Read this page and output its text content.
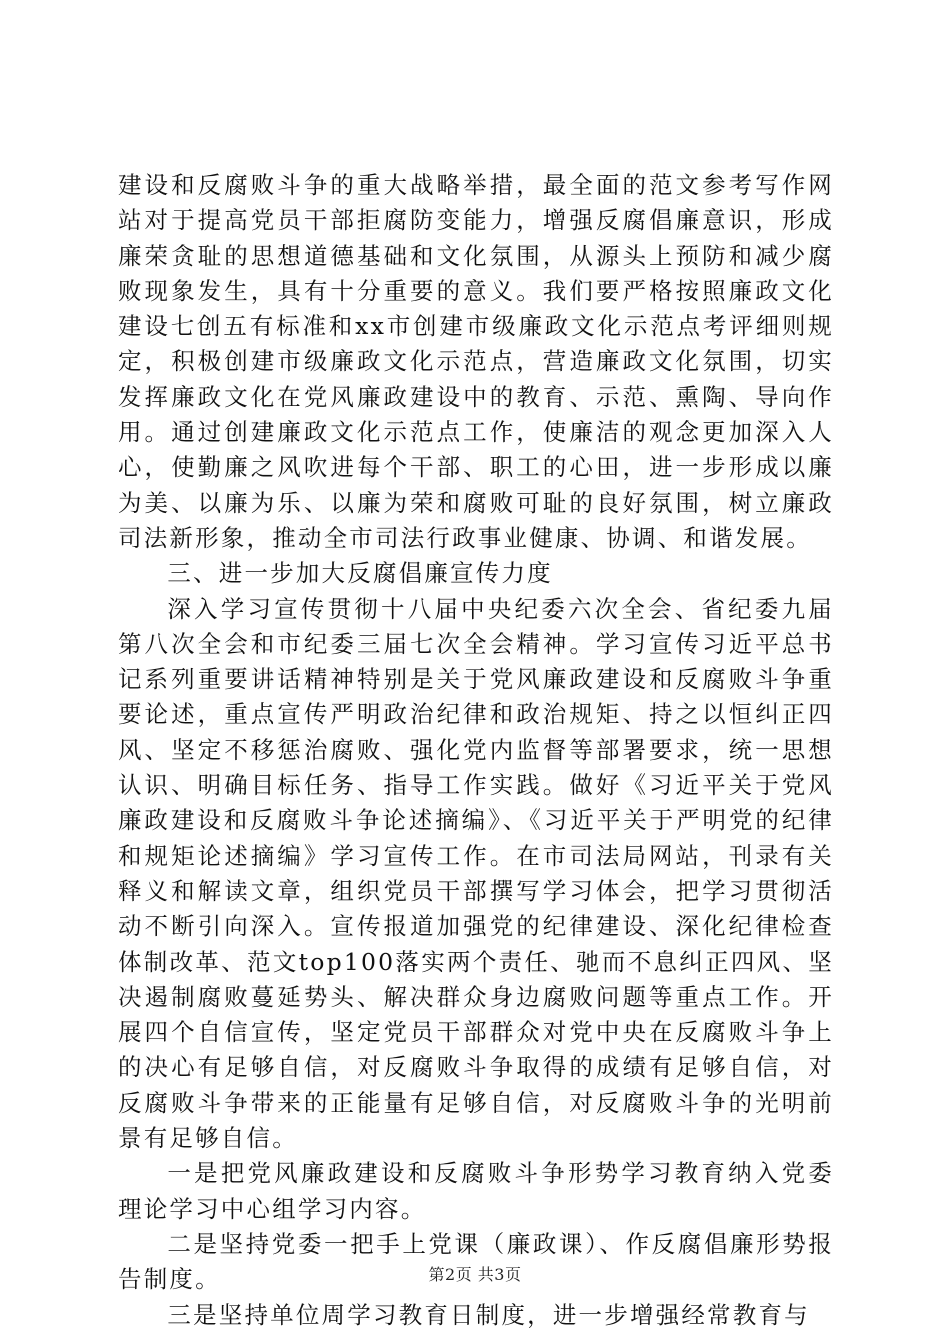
建设和反腐败斗争的重大战略举措，最全面的范文参考写作网站对于提高党员干部拒腐防变能力，增强反腐倡廉意识，形成廉荣贪耻的思想道德基础和文化氛围，从源头上预防和减少腐败现象发生，具有十分重要的意义。我们要严格按照廉政文化建设七创五有标准和xx市创建市级廉政文化示范点考评细则规定，积极创建市级廉政文化示范点，营造廉政文化氛围，切实发挥廉政文化在党风廉政建设中的教育、示范、熏陶、导向作用。通过创建廉政文化示范点工作，使廉洁的观念更加深入人心，使勤廉之风吹进每个干部、职工的心田，进一步形成以廉为美、以廉为乐、以廉为荣和腐败可耻的良好氛围，树立廉政司法新形象，推动全市司法行政事业健康、协调、和谐发展。

三、进一步加大反腐倡廉宣传力度

深入学习宣传贯彻十八届中央纪委六次全会、省纪委九届第八次全会和市纪委三届七次全会精神。学习宣传习近平总书记系列重要讲话精神特别是关于党风廉政建设和反腐败斗争重要论述，重点宣传严明政治纪律和政治规矩、持之以恒纠正四风、坚定不移惩治腐败、强化党内监督等部署要求，统一思想认识、明确目标任务、指导工作实践。做好《习近平关于党风廉政建设和反腐败斗争论述摘编》、《习近平关于严明党的纪律和规矩论述摘编》学习宣传工作。在市司法局网站，刊录有关释义和解读文章，组织党员干部撰写学习体会，把学习贯彻活动不断引向深入。宣传报道加强党的纪律建设、深化纪律检查体制改革、范文top100落实两个责任、驰而不息纠正四风、坚决遏制腐败蔓延势头、解决群众身边腐败问题等重点工作。开展四个自信宣传，坚定党员干部群众对党中央在反腐败斗争上的决心有足够自信，对反腐败斗争取得的成绩有足够自信，对反腐败斗争带来的正能量有足够自信，对反腐败斗争的光明前景有足够自信。

一是把党风廉政建设和反腐败斗争形势学习教育纳入党委理论学习中心组学习内容。

二是坚持党委一把手上党课（廉政课）、作反腐倡廉形势报告制度。

三是坚持单位周学习教育日制度，进一步增强经常教育与

第2页 共3页
